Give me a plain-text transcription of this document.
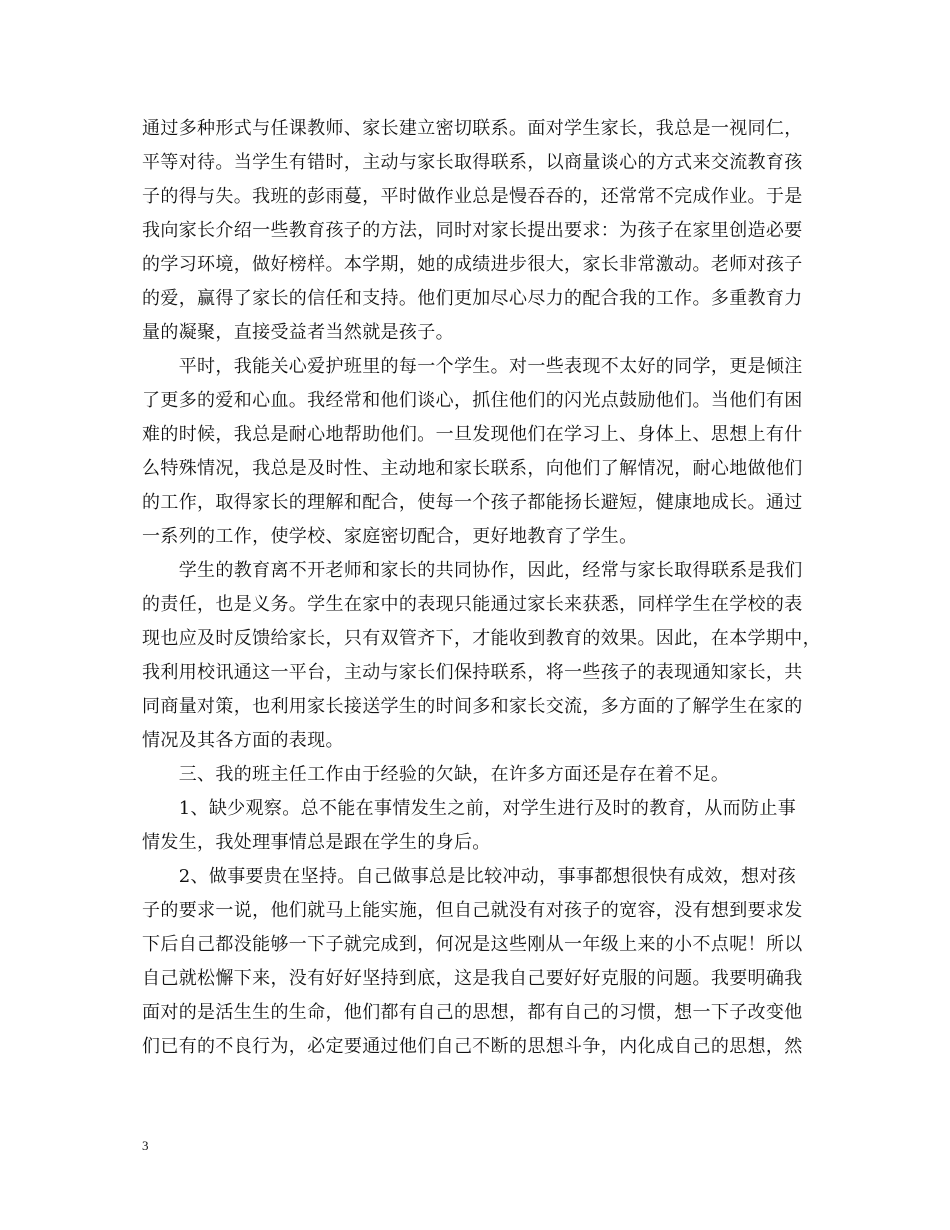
通过多种形式与任课教师、家长建立密切联系。面对学生家长，我总是一视同仁，
平等对待。当学生有错时，主动与家长取得联系，以商量谈心的方式来交流教育孩
子的得与失。我班的彭雨蔓，平时做作业总是慢吞吞的，还常常不完成作业。于是
我向家长介绍一些教育孩子的方法，同时对家长提出要求：为孩子在家里创造必要
的学习环境，做好榜样。本学期，她的成绩进步很大，家长非常激动。老师对孩子
的爱，赢得了家长的信任和支持。他们更加尽心尽力的配合我的工作。多重教育力
量的凝聚，直接受益者当然就是孩子。
　　平时，我能关心爱护班里的每一个学生。对一些表现不太好的同学，更是倾注
了更多的爱和心血。我经常和他们谈心，抓住他们的闪光点鼓励他们。当他们有困
难的时候，我总是耐心地帮助他们。一旦发现他们在学习上、身体上、思想上有什
么特殊情况，我总是及时性、主动地和家长联系，向他们了解情况，耐心地做他们
的工作，取得家长的理解和配合，使每一个孩子都能扬长避短，健康地成长。通过
一系列的工作，使学校、家庭密切配合，更好地教育了学生。
　　学生的教育离不开老师和家长的共同协作，因此，经常与家长取得联系是我们
的责任，也是义务。学生在家中的表现只能通过家长来获悉，同样学生在学校的表
现也应及时反馈给家长，只有双管齐下，才能收到教育的效果。因此，在本学期中，
我利用校讯通这一平台，主动与家长们保持联系，将一些孩子的表现通知家长，共
同商量对策，也利用家长接送学生的时间多和家长交流，多方面的了解学生在家的
情况及其各方面的表现。
　　三、我的班主任工作由于经验的欠缺，在许多方面还是存在着不足。
　　1、缺少观察。总不能在事情发生之前，对学生进行及时的教育，从而防止事
情发生，我处理事情总是跟在学生的身后。
　　2、做事要贵在坚持。自己做事总是比较冲动，事事都想很快有成效，想对孩
子的要求一说，他们就马上能实施，但自己就没有对孩子的宽容，没有想到要求发
下后自己都没能够一下子就完成到，何况是这些刚从一年级上来的小不点呢！所以
自己就松懈下来，没有好好坚持到底，这是我自己要好好克服的问题。我要明确我
面对的是活生生的生命，他们都有自己的思想，都有自己的习惯，想一下子改变他
们已有的不良行为，必定要通过他们自己不断的思想斗争，内化成自己的思想，然
3
